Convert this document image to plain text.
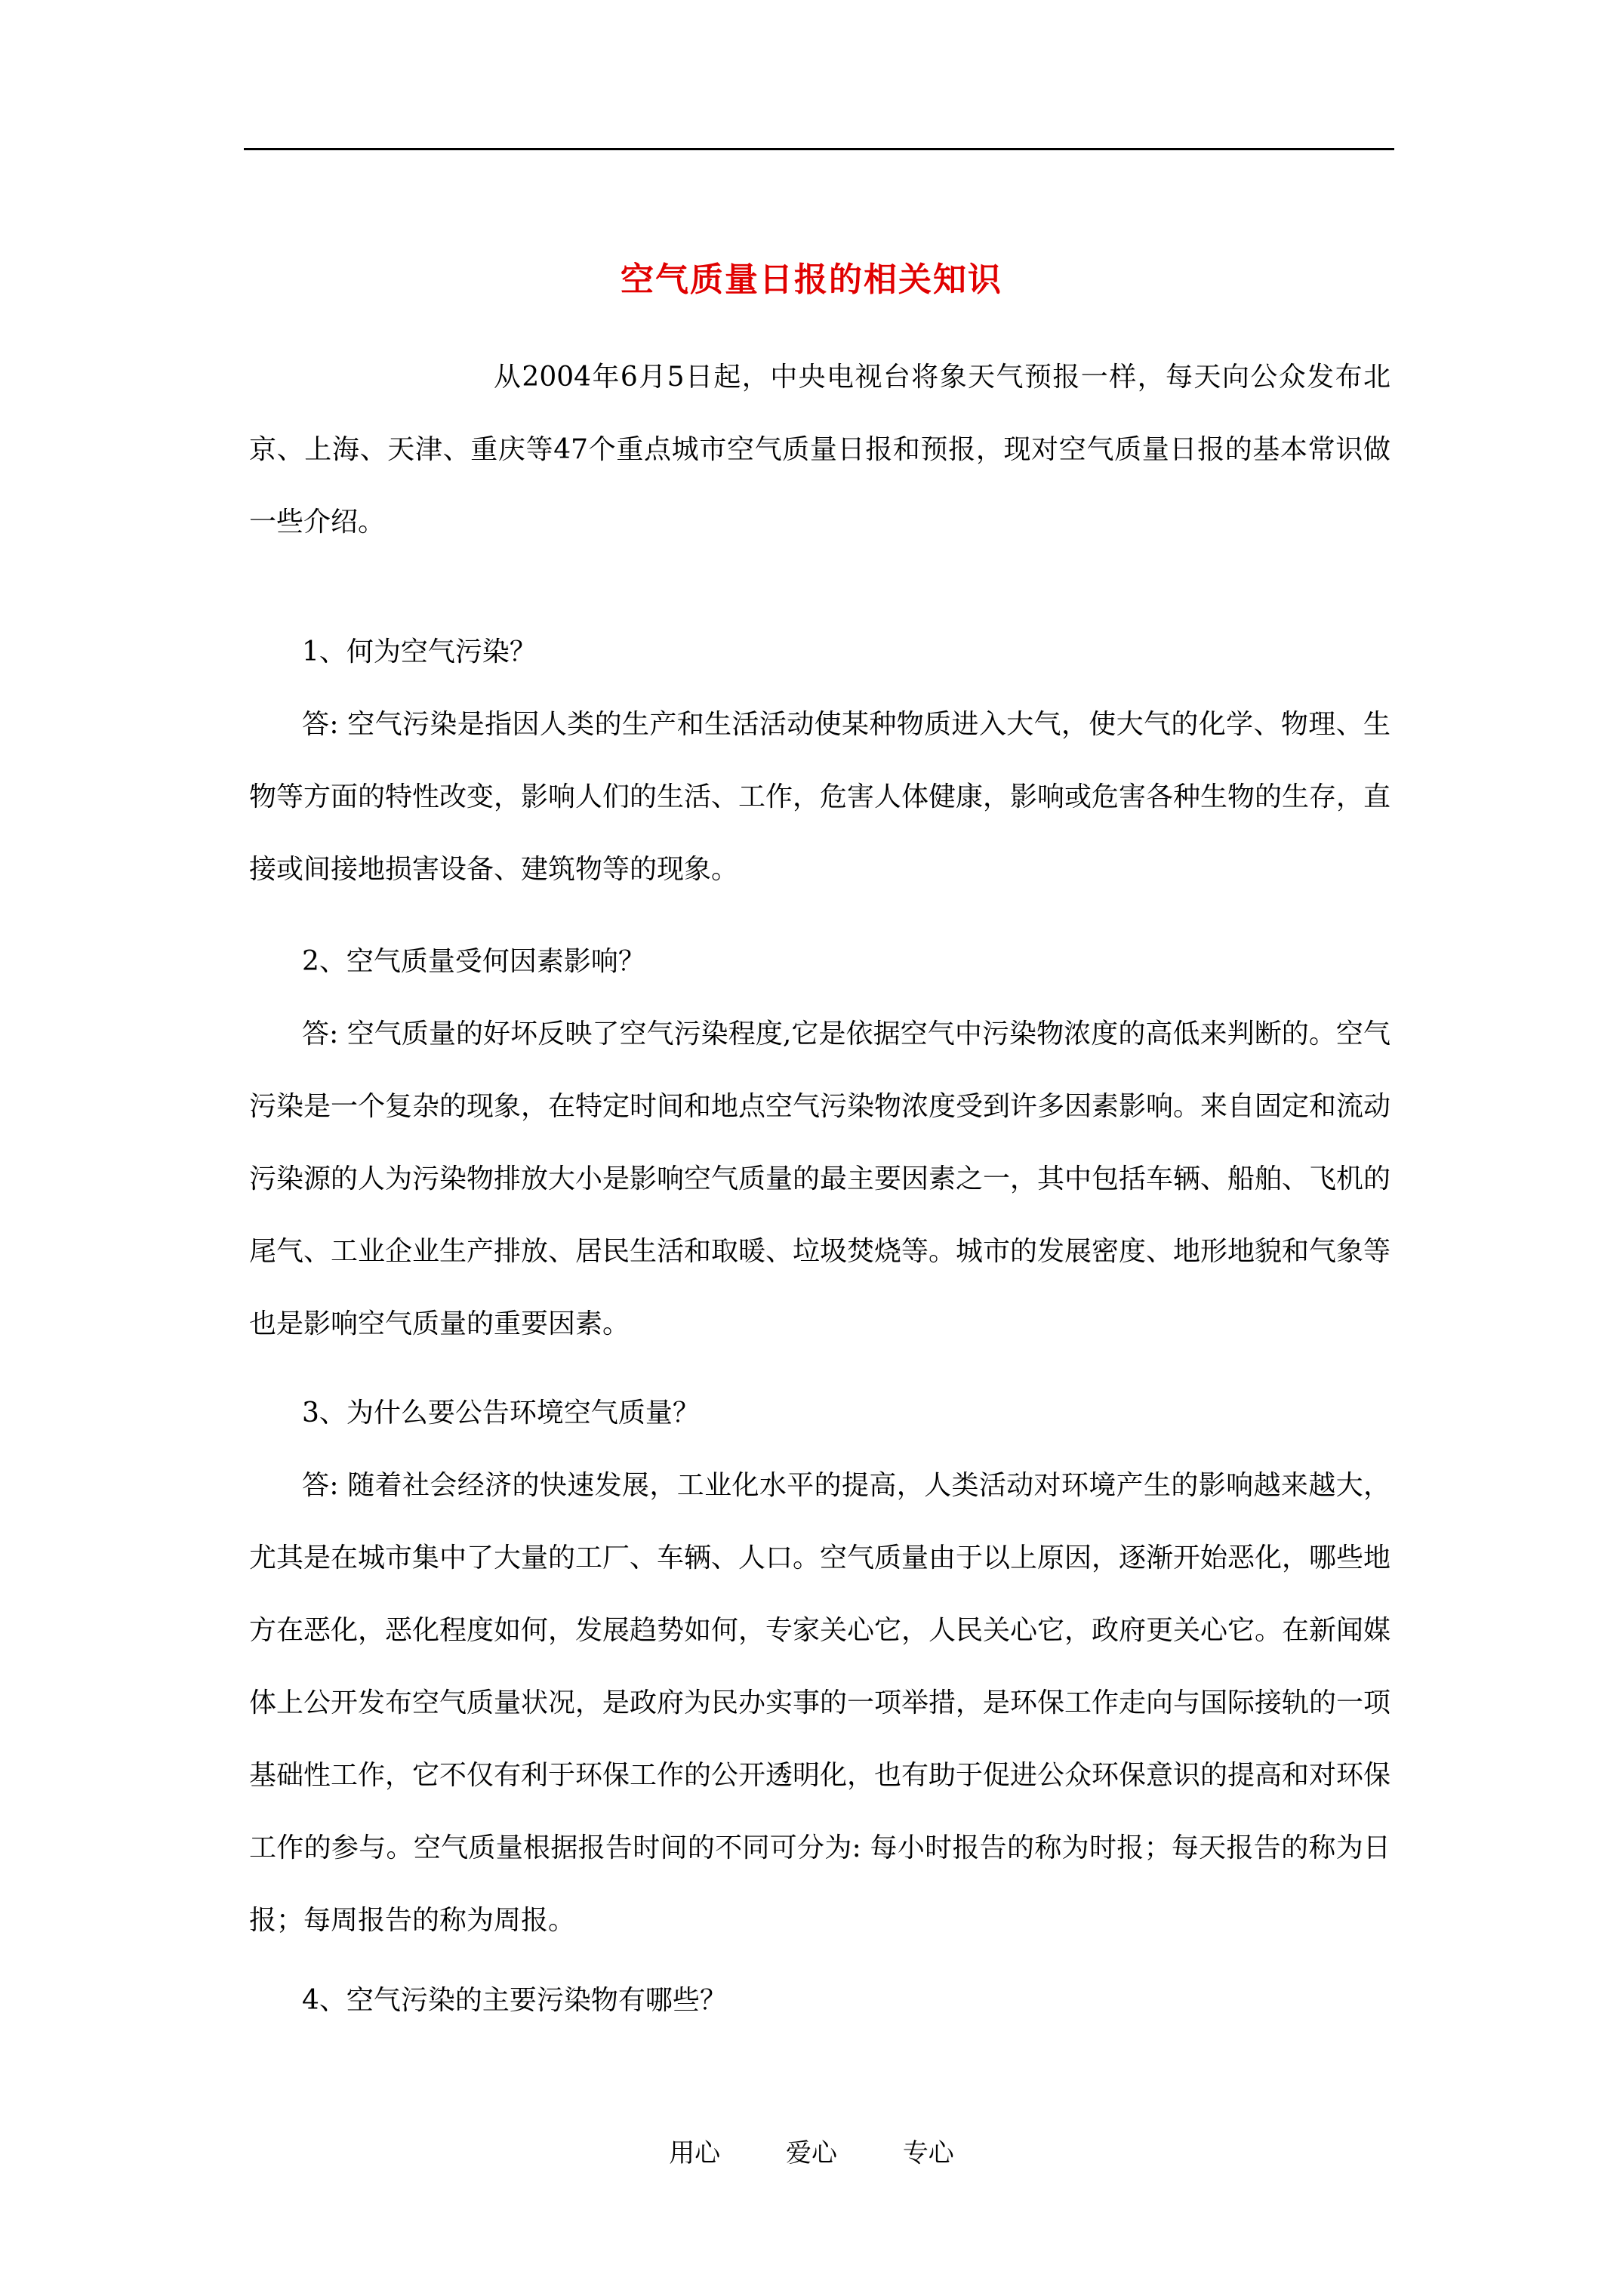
空气质量日报的相关知识

从2004年6月5日起，中央电视台将象天气预报一样，每天向公众发布北京、上海、天津、重庆等47个重点城市空气质量日报和预报，现对空气质量日报的基本常识做一些介绍。

1、何为空气污染？

答: 空气污染是指因人类的生产和生活活动使某种物质进入大气，使大气的化学、物理、生物等方面的特性改变，影响人们的生活、工作，危害人体健康，影响或危害各种生物的生存，直接或间接地损害设备、建筑物等的现象。

2、空气质量受何因素影响？

答: 空气质量的好坏反映了空气污染程度,它是依据空气中污染物浓度的高低来判断的。空气污染是一个复杂的现象，在特定时间和地点空气污染物浓度受到许多因素影响。来自固定和流动污染源的人为污染物排放大小是影响空气质量的最主要因素之一，其中包括车辆、船舶、飞机的尾气、工业企业生产排放、居民生活和取暖、垃圾焚烧等。城市的发展密度、地形地貌和气象等也是影响空气质量的重要因素。

3、为什么要公告环境空气质量？

答: 随着社会经济的快速发展，工业化水平的提高，人类活动对环境产生的影响越来越大，尤其是在城市集中了大量的工厂、车辆、人口。空气质量由于以上原因，逐渐开始恶化，哪些地方在恶化，恶化程度如何，发展趋势如何，专家关心它，人民关心它，政府更关心它。在新闻媒体上公开发布空气质量状况，是政府为民办实事的一项举措，是环保工作走向与国际接轨的一项基础性工作，它不仅有利于环保工作的公开透明化，也有助于促进公众环保意识的提高和对环保工作的参与。空气质量根据报告时间的不同可分为: 每小时报告的称为时报；每天报告的称为日报；每周报告的称为周报。

4、空气污染的主要污染物有哪些？

用心	爱心	专心
